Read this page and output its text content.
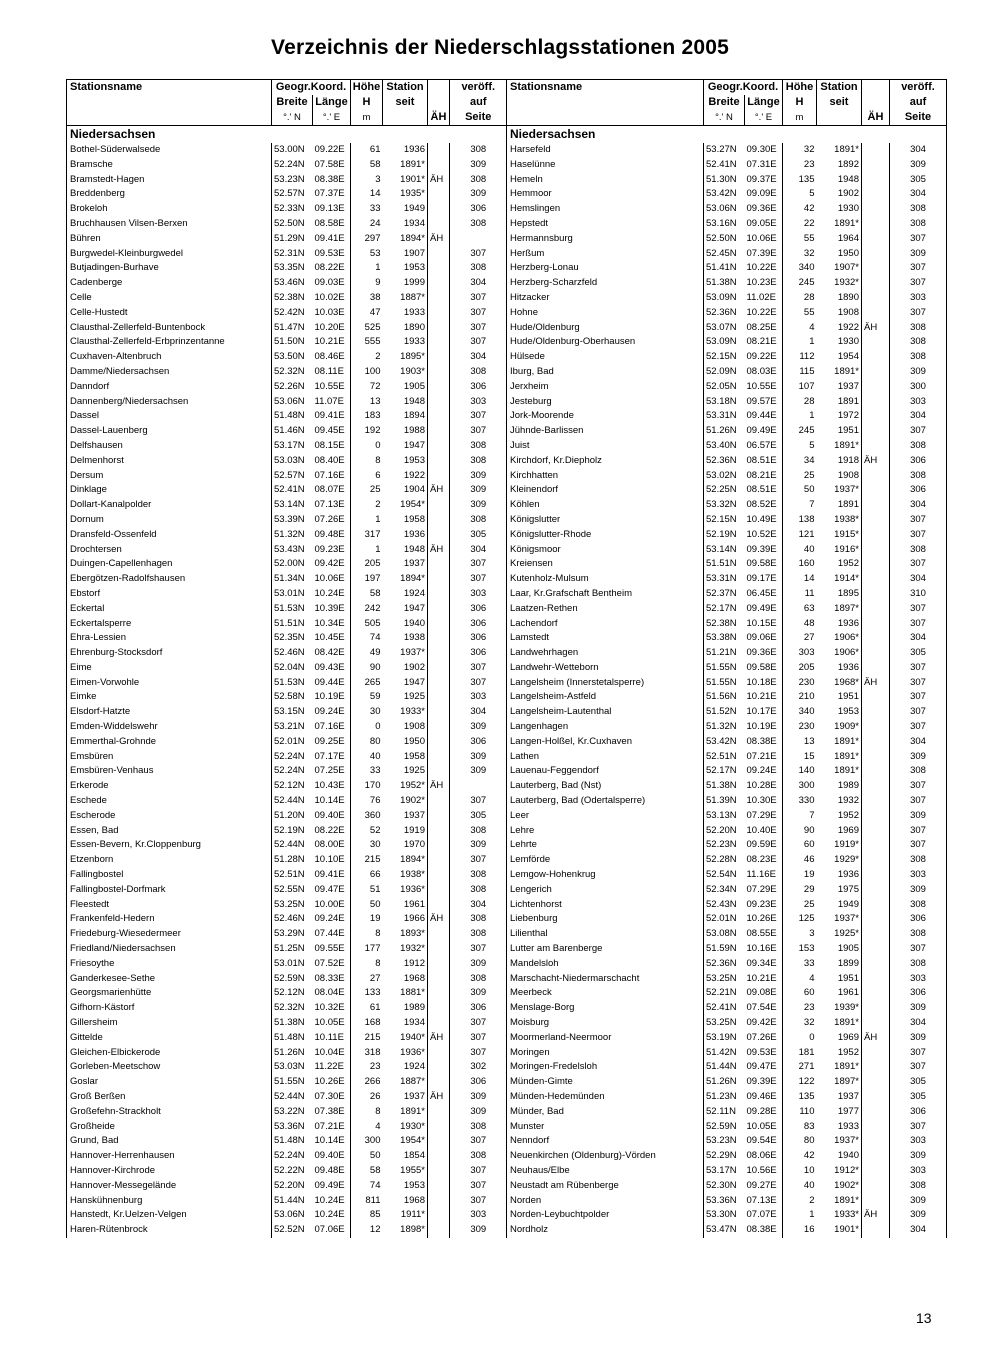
Verzeichnis der Niederschlagsstationen 2005
Stationsname	Geogr.Koord.		Höhe	Station		veröff.
	Breite	Länge	H	seit		auf
	°.' N	°.' E	m		ÄH	Seite
Niedersachsen						
Bothel-Süderwalsede	53.00N	09.22E	61	1936		308
Bramsche	52.24N	07.58E	58	1891*		309
Bramstedt-Hagen	53.23N	08.38E	3	1901*	ÄH	308
Breddenberg	52.57N	07.37E	14	1935*		309
Brokeloh	52.33N	09.13E	33	1949		306
Bruchhausen Vilsen-Berxen	52.50N	08.58E	24	1934		308
Bühren	51.29N	09.41E	297	1894*	ÄH	
Burgwedel-Kleinburgwedel	52.31N	09.53E	53	1907		307
Butjadingen-Burhave	53.35N	08.22E	1	1953		308
Cadenberge	53.46N	09.03E	9	1999		304
Celle	52.38N	10.02E	38	1887*		307
Celle-Hustedt	52.42N	10.03E	47	1933		307
Clausthal-Zellerfeld-Buntenbock	51.47N	10.20E	525	1890		307
Clausthal-Zellerfeld-Erbprinzentanne	51.50N	10.21E	555	1933		307
Cuxhaven-Altenbruch	53.50N	08.46E	2	1895*		304
Damme/Niedersachsen	52.32N	08.11E	100	1903*		308
Danndorf	52.26N	10.55E	72	1905		306
Dannenberg/Niedersachsen	53.06N	11.07E	13	1948		303
Dassel	51.48N	09.41E	183	1894		307
Dassel-Lauenberg	51.46N	09.45E	192	1988		307
Delfshausen	53.17N	08.15E	0	1947		308
Delmenhorst	53.03N	08.40E	8	1953		308
Dersum	52.57N	07.16E	6	1922		309
Dinklage	52.41N	08.07E	25	1904	ÄH	309
Dollart-Kanalpolder	53.14N	07.13E	2	1954*		309
Dornum	53.39N	07.26E	1	1958		308
Dransfeld-Ossenfeld	51.32N	09.48E	317	1936		305
Drochtersen	53.43N	09.23E	1	1948	ÄH	304
Duingen-Capellenhagen	52.00N	09.42E	205	1937		307
Ebergötzen-Radolfshausen	51.34N	10.06E	197	1894*		307
Ebstorf	53.01N	10.24E	58	1924		303
Eckertal	51.53N	10.39E	242	1947		306
Eckertalsperre	51.51N	10.34E	505	1940		306
Ehra-Lessien	52.35N	10.45E	74	1938		306
Ehrenburg-Stocksdorf	52.46N	08.42E	49	1937*		306
Eime	52.04N	09.43E	90	1902		307
Eimen-Vorwohle	51.53N	09.44E	265	1947		307
Eimke	52.58N	10.19E	59	1925		303
Elsdorf-Hatzte	53.15N	09.24E	30	1933*		304
Emden-Widdelswehr	53.21N	07.16E	0	1908		309
Emmerthal-Grohnde	52.01N	09.25E	80	1950		306
Emsbüren	52.24N	07.17E	40	1958		309
Emsbüren-Venhaus	52.24N	07.25E	33	1925		309
Erkerode	52.12N	10.43E	170	1952*	ÄH	
Eschede	52.44N	10.14E	76	1902*		307
Escherode	51.20N	09.40E	360	1937		305
Essen, Bad	52.19N	08.22E	52	1919		308
Essen-Bevern, Kr.Cloppenburg	52.44N	08.00E	30	1970		309
Etzenborn	51.28N	10.10E	215	1894*		307
Fallingbostel	52.51N	09.41E	66	1938*		308
Fallingbostel-Dorfmark	52.55N	09.47E	51	1936*		308
Fleestedt	53.25N	10.00E	50	1961		304
Frankenfeld-Hedern	52.46N	09.24E	19	1966	ÄH	308
Friedeburg-Wiesedermeer	53.29N	07.44E	8	1893*		308
Friedland/Niedersachsen	51.25N	09.55E	177	1932*		307
Friesoythe	53.01N	07.52E	8	1912		309
Ganderkesee-Sethe	52.59N	08.33E	27	1968		308
Georgsmarienhütte	52.12N	08.04E	133	1881*		309
Gifhorn-Kästorf	52.32N	10.32E	61	1989		306
Gillersheim	51.38N	10.05E	168	1934		307
Gittelde	51.48N	10.11E	215	1940*	ÄH	307
Gleichen-Elbickerode	51.26N	10.04E	318	1936*		307
Gorleben-Meetschow	53.03N	11.22E	23	1924		302
Goslar	51.55N	10.26E	266	1887*		306
Groß Berßen	52.44N	07.30E	26	1937	ÄH	309
Großefehn-Strackholt	53.22N	07.38E	8	1891*		309
Großheide	53.36N	07.21E	4	1930*		308
Grund, Bad	51.48N	10.14E	300	1954*		307
Hannover-Herrenhausen	52.24N	09.40E	50	1854		308
Hannover-Kirchrode	52.22N	09.48E	58	1955*		307
Hannover-Messegelände	52.20N	09.49E	74	1953		307
Hanskühnenburg	51.44N	10.24E	811	1968		307
Hanstedt, Kr.Uelzen-Velgen	53.06N	10.24E	85	1911*		303
Haren-Rütenbrock	52.52N	07.06E	12	1898*		309
Stationsname	Geogr.Koord.		Höhe	Station		veröff.
	Breite	Länge	H	seit		auf
	°.' N	°.' E	m		ÄH	Seite
Niedersachsen						
Harsefeld	53.27N	09.30E	32	1891*		304
Haselünne	52.41N	07.31E	23	1892		309
Hemeln	51.30N	09.37E	135	1948		305
Hemmoor	53.42N	09.09E	5	1902		304
Hemslingen	53.06N	09.36E	42	1930		308
Hepstedt	53.16N	09.05E	22	1891*		308
Hermannsburg	52.50N	10.06E	55	1964		307
Herßum	52.45N	07.39E	32	1950		309
Herzberg-Lonau	51.41N	10.22E	340	1907*		307
Herzberg-Scharzfeld	51.38N	10.23E	245	1932*		307
Hitzacker	53.09N	11.02E	28	1890		303
Hohne	52.36N	10.22E	55	1908		307
Hude/Oldenburg	53.07N	08.25E	4	1922	ÄH	308
Hude/Oldenburg-Oberhausen	53.09N	08.21E	1	1930		308
Hülsede	52.15N	09.22E	112	1954		308
Iburg, Bad	52.09N	08.03E	115	1891*		309
Jerxheim	52.05N	10.55E	107	1937		300
Jesteburg	53.18N	09.57E	28	1891		303
Jork-Moorende	53.31N	09.44E	1	1972		304
Jühnde-Barlissen	51.26N	09.49E	245	1951		307
Juist	53.40N	06.57E	5	1891*		308
Kirchdorf, Kr.Diepholz	52.36N	08.51E	34	1918	ÄH	306
Kirchhatten	53.02N	08.21E	25	1908		308
Kleinendorf	52.25N	08.51E	50	1937*		306
Köhlen	53.32N	08.52E	7	1891		304
Königslutter	52.15N	10.49E	138	1938*		307
Königslutter-Rhode	52.19N	10.52E	121	1915*		307
Königsmoor	53.14N	09.39E	40	1916*		308
Kreiensen	51.51N	09.58E	160	1952		307
Kutenholz-Mulsum	53.31N	09.17E	14	1914*		304
Laar, Kr.Grafschaft Bentheim	52.37N	06.45E	11	1895		310
Laatzen-Rethen	52.17N	09.49E	63	1897*		307
Lachendorf	52.38N	10.15E	48	1936		307
Lamstedt	53.38N	09.06E	27	1906*		304
Landwehrhagen	51.21N	09.36E	303	1906*		305
Landwehr-Wetteborn	51.55N	09.58E	205	1936		307
Langelsheim (Innerstetalsperre)	51.55N	10.18E	230	1968*	ÄH	307
Langelsheim-Astfeld	51.56N	10.21E	210	1951		307
Langelsheim-Lautenthal	51.52N	10.17E	340	1953		307
Langenhagen	51.32N	10.19E	230	1909*		307
Langen-Holßel, Kr.Cuxhaven	53.42N	08.38E	13	1891*		304
Lathen	52.51N	07.21E	15	1891*		309
Lauenau-Feggendorf	52.17N	09.24E	140	1891*		308
Lauterberg, Bad (Nst)	51.38N	10.28E	300	1989		307
Lauterberg, Bad (Odertalsperre)	51.39N	10.30E	330	1932		307
Leer	53.13N	07.29E	7	1952		309
Lehre	52.20N	10.40E	90	1969		307
Lehrte	52.23N	09.59E	60	1919*		307
Lemförde	52.28N	08.23E	46	1929*		308
Lemgow-Hohenkrug	52.54N	11.16E	19	1936		303
Lengerich	52.34N	07.29E	29	1975		309
Lichtenhorst	52.43N	09.23E	25	1949		308
Liebenburg	52.01N	10.26E	125	1937*		306
Lilienthal	53.08N	08.55E	3	1925*		308
Lutter am Barenberge	51.59N	10.16E	153	1905		307
Mandelsloh	52.36N	09.34E	33	1899		308
Marschacht-Niedermarschacht	53.25N	10.21E	4	1951		303
Meerbeck	52.21N	09.08E	60	1961		306
Menslage-Borg	52.41N	07.54E	23	1939*		309
Moisburg	53.25N	09.42E	32	1891*		304
Moormerland-Neermoor	53.19N	07.26E	0	1969	ÄH	309
Moringen	51.42N	09.53E	181	1952		307
Moringen-Fredelsloh	51.44N	09.47E	271	1891*		307
Münden-Gimte	51.26N	09.39E	122	1897*		305
Münden-Hedemünden	51.23N	09.46E	135	1937		305
Münder, Bad	52.11N	09.28E	110	1977		306
Munster	52.59N	10.05E	83	1933		307
Nenndorf	53.23N	09.54E	80	1937*		303
Neuenkirchen (Oldenburg)-Vörden	52.29N	08.06E	42	1940		309
Neuhaus/Elbe	53.17N	10.56E	10	1912*		303
Neustadt am Rübenberge	52.30N	09.27E	40	1902*		308
Norden	53.36N	07.13E	2	1891*		309
Norden-Leybuchtpolder	53.30N	07.07E	1	1933*	ÄH	309
Nordholz	53.47N	08.38E	16	1901*		304
13
